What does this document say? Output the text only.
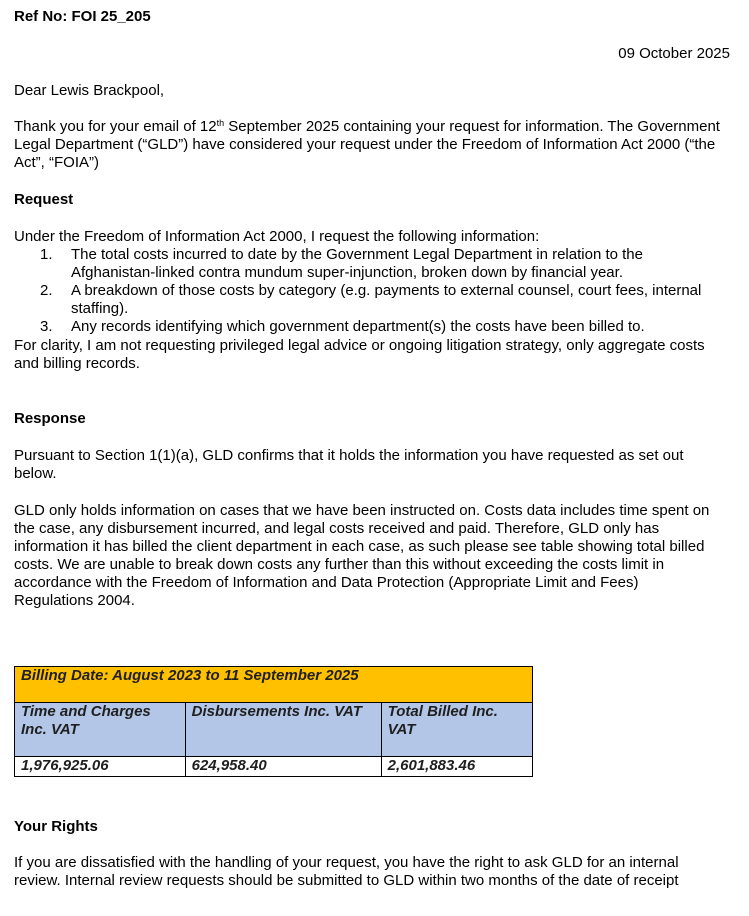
Ref No: FOI 25_205

09 October 2025

Dear Lewis Brackpool,

Thank you for your email of 12th September 2025 containing your request for information. The Government Legal Department (“GLD”) have considered your request under the Freedom of Information Act 2000 (“the Act”, “FOIA”)

Request

Under the Freedom of Information Act 2000, I request the following information:

1. The total costs incurred to date by the Government Legal Department in relation to the Afghanistan-linked contra mundum super-injunction, broken down by financial year.
2. A breakdown of those costs by category (e.g. payments to external counsel, court fees, internal staffing).
3. Any records identifying which government department(s) the costs have been billed to.

For clarity, I am not requesting privileged legal advice or ongoing litigation strategy, only aggregate costs and billing records.

Response

Pursuant to Section 1(1)(a), GLD confirms that it holds the information you have requested as set out below.

GLD only holds information on cases that we have been instructed on. Costs data includes time spent on the case, any disbursement incurred, and legal costs received and paid. Therefore, GLD only has information it has billed the client department in each case, as such please see table showing total billed costs. We are unable to break down costs any further than this without exceeding the costs limit in accordance with the Freedom of Information and Data Protection (Appropriate Limit and Fees) Regulations 2004.

Billing Date: August 2023 to 11 September 2025		
Time and Charges Inc. VAT	Disbursements Inc. VAT	Total Billed Inc. VAT
1,976,925.06	624,958.40	2,601,883.46
Your Rights

If you are dissatisfied with the handling of your request, you have the right to ask GLD for an internal review. Internal review requests should be submitted to GLD within two months of the date of receipt
